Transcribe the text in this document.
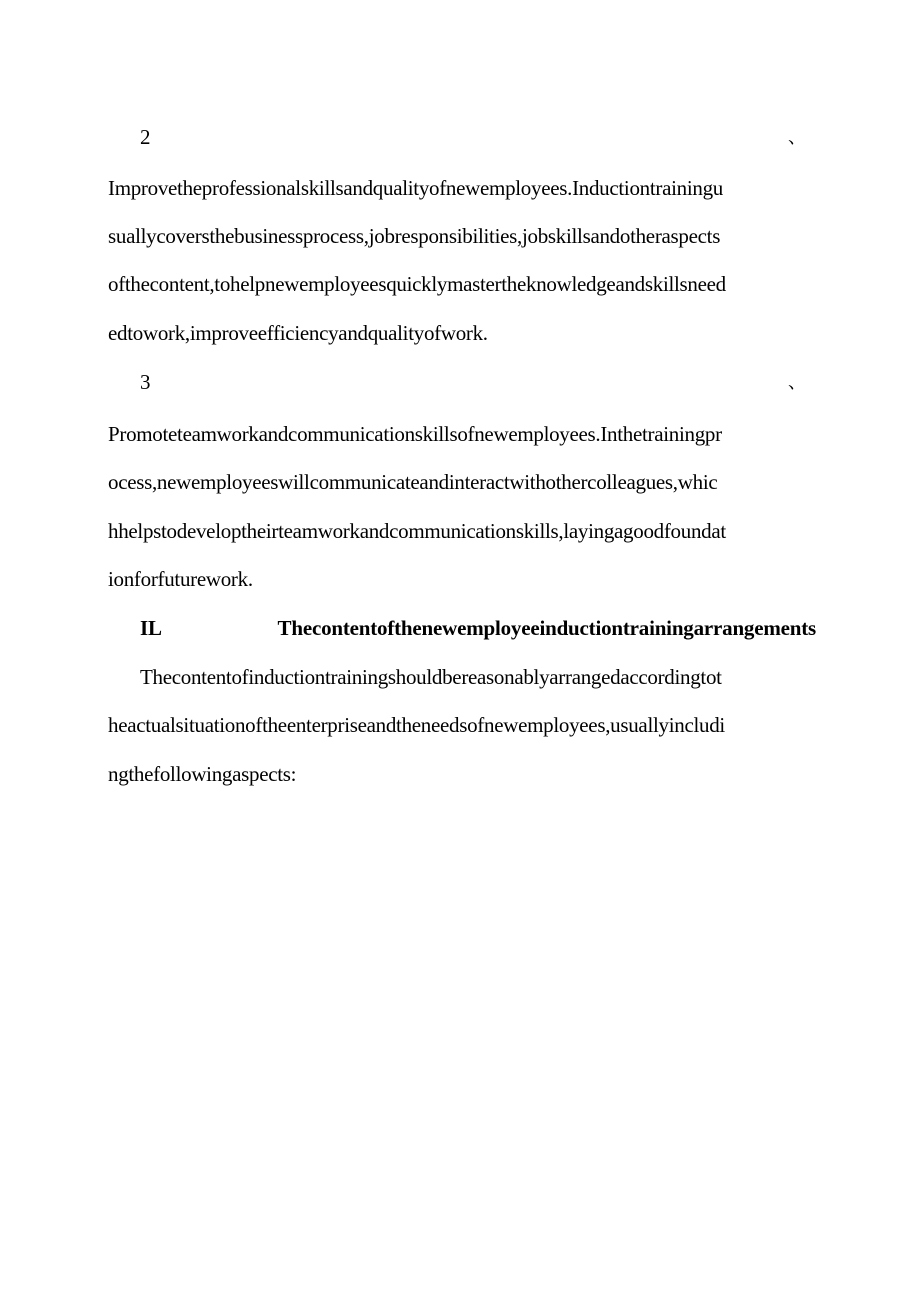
2	、
Improvetheprofessionalskillsandqualityofnewemployees.Inductiontrainingu
suallycoversthebusinessprocess,jobresponsibilities,jobskillsandotheraspects
ofthecontent,tohelpnewemployeesquicklymastertheknowledgeandskillsneed
edtowork,improveefficiencyandqualityofwork.
3	、
Promoteteamworkandcommunicationskillsofnewemployees.Inthetrainingpr
ocess,newemployeeswillcommunicateandinteractwithothercolleagues,whic
hhelpstodeveloptheirteamworkandcommunicationskills,layingagoodfoundat
ionforfuturework.
IL Thecontentofthenewemployeeinductiontrainingarrangements
Thecontentofinductiontrainingshouldbereasonablyarrangedaccordingtot
heactualsituationoftheenterpriseandtheneedsofnewemployees,usuallyincludi
ngthefollowingaspects:
